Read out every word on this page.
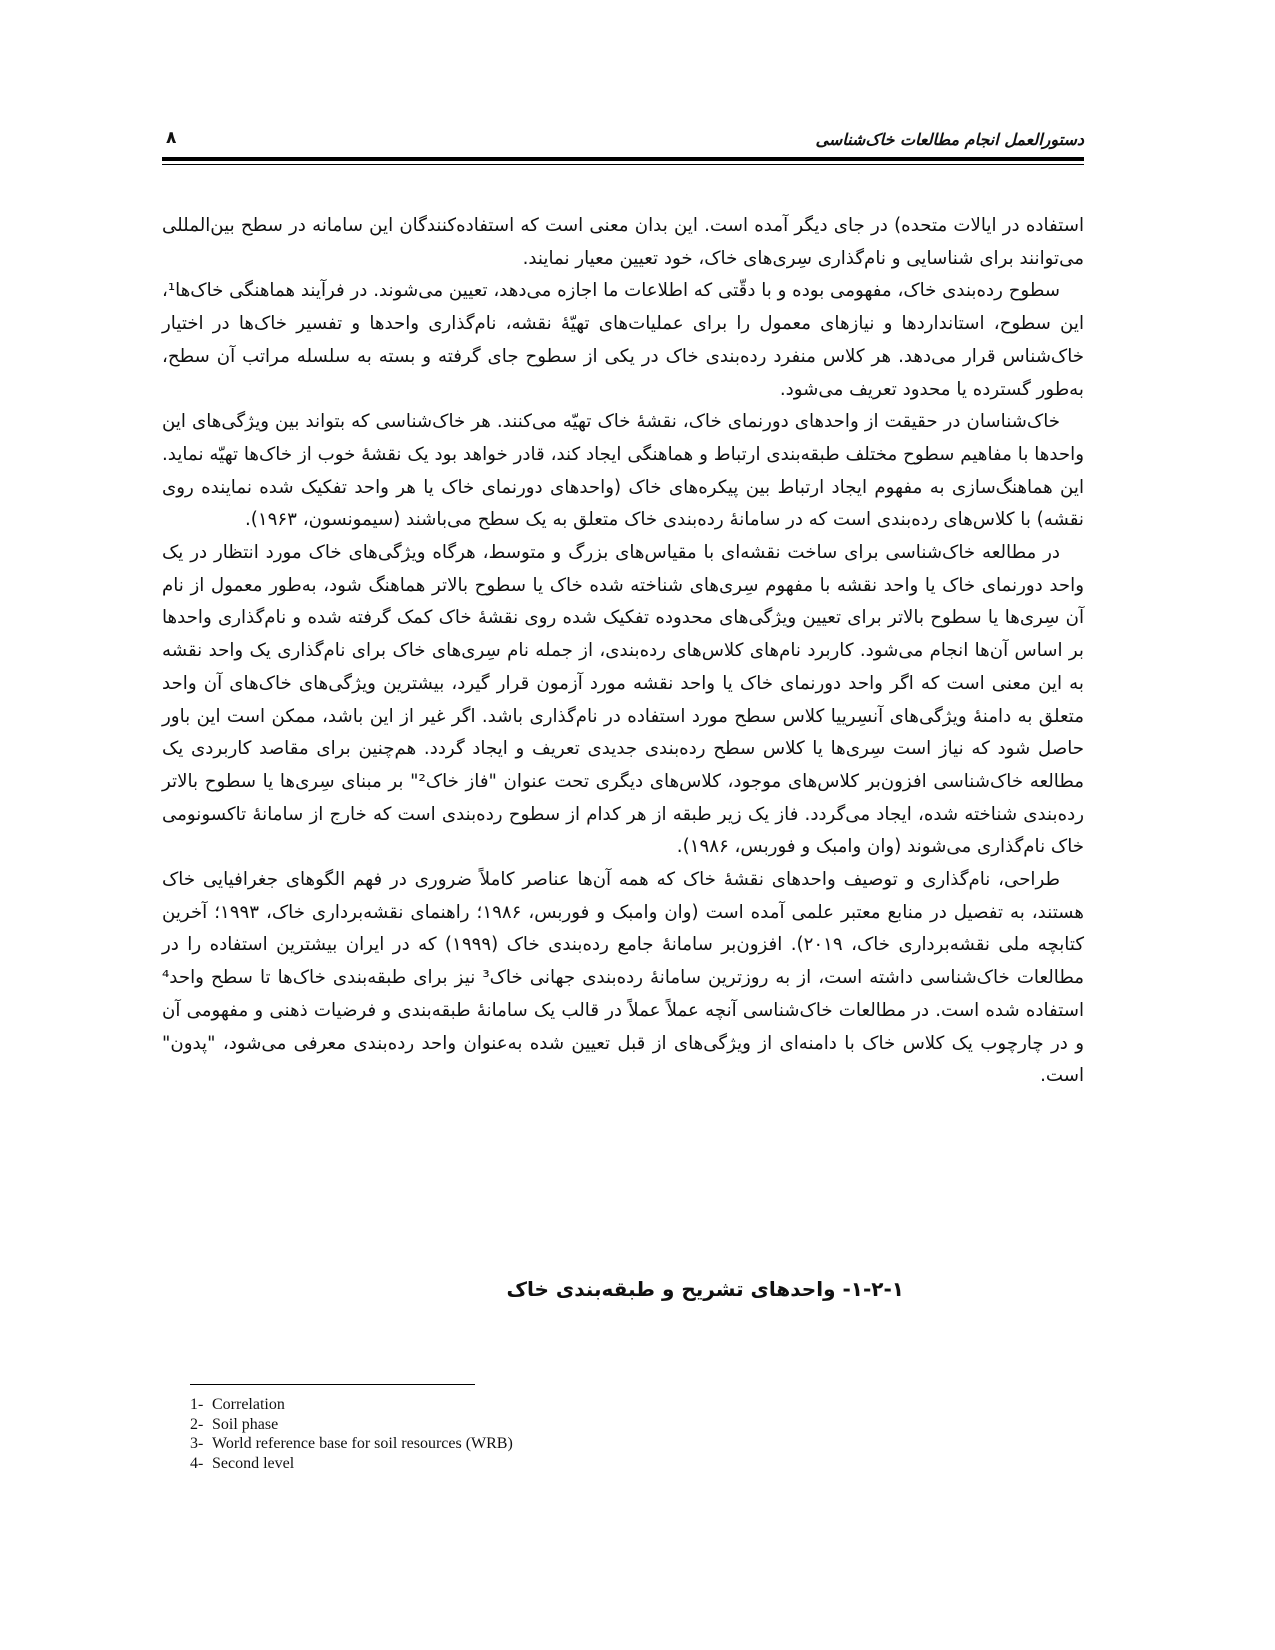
دستورالعمل انجام مطالعات خاک‌شناسی
۸

استفاده در ایالات متحده) در جای دیگر آمده است. این بدان معنی است که استفاده‌کنندگان این سامانه در سطح بین‌المللی می‌توانند برای شناسایی و نام‌گذاری سِری‌های خاک، خود تعیین معیار نمایند.

سطوح رده‌بندی خاک، مفهومی بوده و با دقّتی که اطلاعات ما اجازه می‌دهد، تعیین می‌شوند. در فرآیند هماهنگی خاک‌ها¹، این سطوح، استانداردها و نیازهای معمول را برای عملیات‌های تهیّهٔ نقشه، نام‌گذاری واحدها و تفسیر خاک‌ها در اختیار خاک‌شناس قرار می‌دهد. هر کلاس منفرد رده‌بندی خاک در یکی از سطوح جای گرفته و بسته به سلسله مراتب آن سطح، به‌طور گسترده یا محدود تعریف می‌شود.

خاک‌شناسان در حقیقت از واحدهای دورنمای خاک، نقشهٔ خاک تهیّه می‌کنند. هر خاک‌شناسی که بتواند بین ویژگی‌های این واحدها با مفاهیم سطوح مختلف طبقه‌بندی ارتباط و هماهنگی ایجاد کند، قادر خواهد بود یک نقشهٔ خوب از خاک‌ها تهیّه نماید. این هماهنگ‌سازی به مفهوم ایجاد ارتباط بین پیکره‌های خاک (واحدهای دورنمای خاک یا هر واحد تفکیک شده نماینده روی نقشه) با کلاس‌های رده‌بندی است که در سامانهٔ رده‌بندی خاک متعلق به یک سطح می‌باشند (سیمونسون، ۱۹۶۳).

در مطالعه خاک‌شناسی برای ساخت نقشه‌ای با مقیاس‌های بزرگ و متوسط، هرگاه ویژگی‌های خاک مورد انتظار در یک واحد دورنمای خاک یا واحد نقشه با مفهوم سِری‌های شناخته شده خاک یا سطوح بالاتر هماهنگ شود، به‌طور معمول از نام آن سِری‌ها یا سطوح بالاتر برای تعیین ویژگی‌های محدوده تفکیک شده روی نقشهٔ خاک کمک گرفته شده و نام‌گذاری واحدها بر اساس آن‌ها انجام می‌شود. کاربرد نام‌های کلاس‌های رده‌بندی، از جمله نام سِری‌های خاک برای نام‌گذاری یک واحد نقشه به این معنی است که اگر واحد دورنمای خاک یا واحد نقشه مورد آزمون قرار گیرد، بیشترین ویژگی‌های خاک‌های آن واحد متعلق به دامنهٔ ویژگی‌های آنسِرییا کلاس سطح مورد استفاده در نام‌گذاری باشد. اگر غیر از این باشد، ممکن است این باور حاصل شود که نیاز است سِری‌ها یا کلاس سطح رده‌بندی جدیدی تعریف و ایجاد گردد. هم‌چنین برای مقاصد کاربردی یک مطالعه خاک‌شناسی افزون‌بر کلاس‌های موجود، کلاس‌های دیگری تحت عنوان "فاز خاک²" بر مبنای سِری‌ها یا سطوح بالاتر رده‌بندی شناخته شده، ایجاد می‌گردد. فاز یک زیر طبقه از هر کدام از سطوح رده‌بندی است که خارج از سامانهٔ تاکسونومی خاک نام‌گذاری می‌شوند (وان وامبک و فوربس، ۱۹۸۶).

طراحی، نام‌گذاری و توصیف واحدهای نقشهٔ خاک که همه آن‌ها عناصر کاملاً ضروری در فهم الگوهای جغرافیایی خاک هستند، به تفصیل در منابع معتبر علمی آمده است (وان وامبک و فوربس، ۱۹۸۶؛ راهنمای نقشه‌برداری خاک، ۱۹۹۳؛ آخرین کتابچه ملی نقشه‌برداری خاک، ۲۰۱۹). افزون‌بر سامانهٔ جامع رده‌بندی خاک (۱۹۹۹) که در ایران بیشترین استفاده را در مطالعات خاک‌شناسی داشته است، از به روزترین سامانهٔ رده‌بندی جهانی خاک³ نیز برای طبقه‌بندی خاک‌ها تا سطح واحد⁴ استفاده شده است. در مطالعات خاک‌شناسی آنچه عملاً عملاً در قالب یک سامانهٔ طبقه‌بندی و فرضیات ذهنی و مفهومی آن و در چارچوب یک کلاس خاک با دامنه‌ای از ویژگی‌های از قبل تعیین شده به‌عنوان واحد رده‌بندی معرفی می‌شود، "پدون" است.

۱-۲-۱- واحدهای تشریح و طبقه‌بندی خاک
1- Correlation
2- Soil phase
3- World reference base for soil resources (WRB)
4- Second level
